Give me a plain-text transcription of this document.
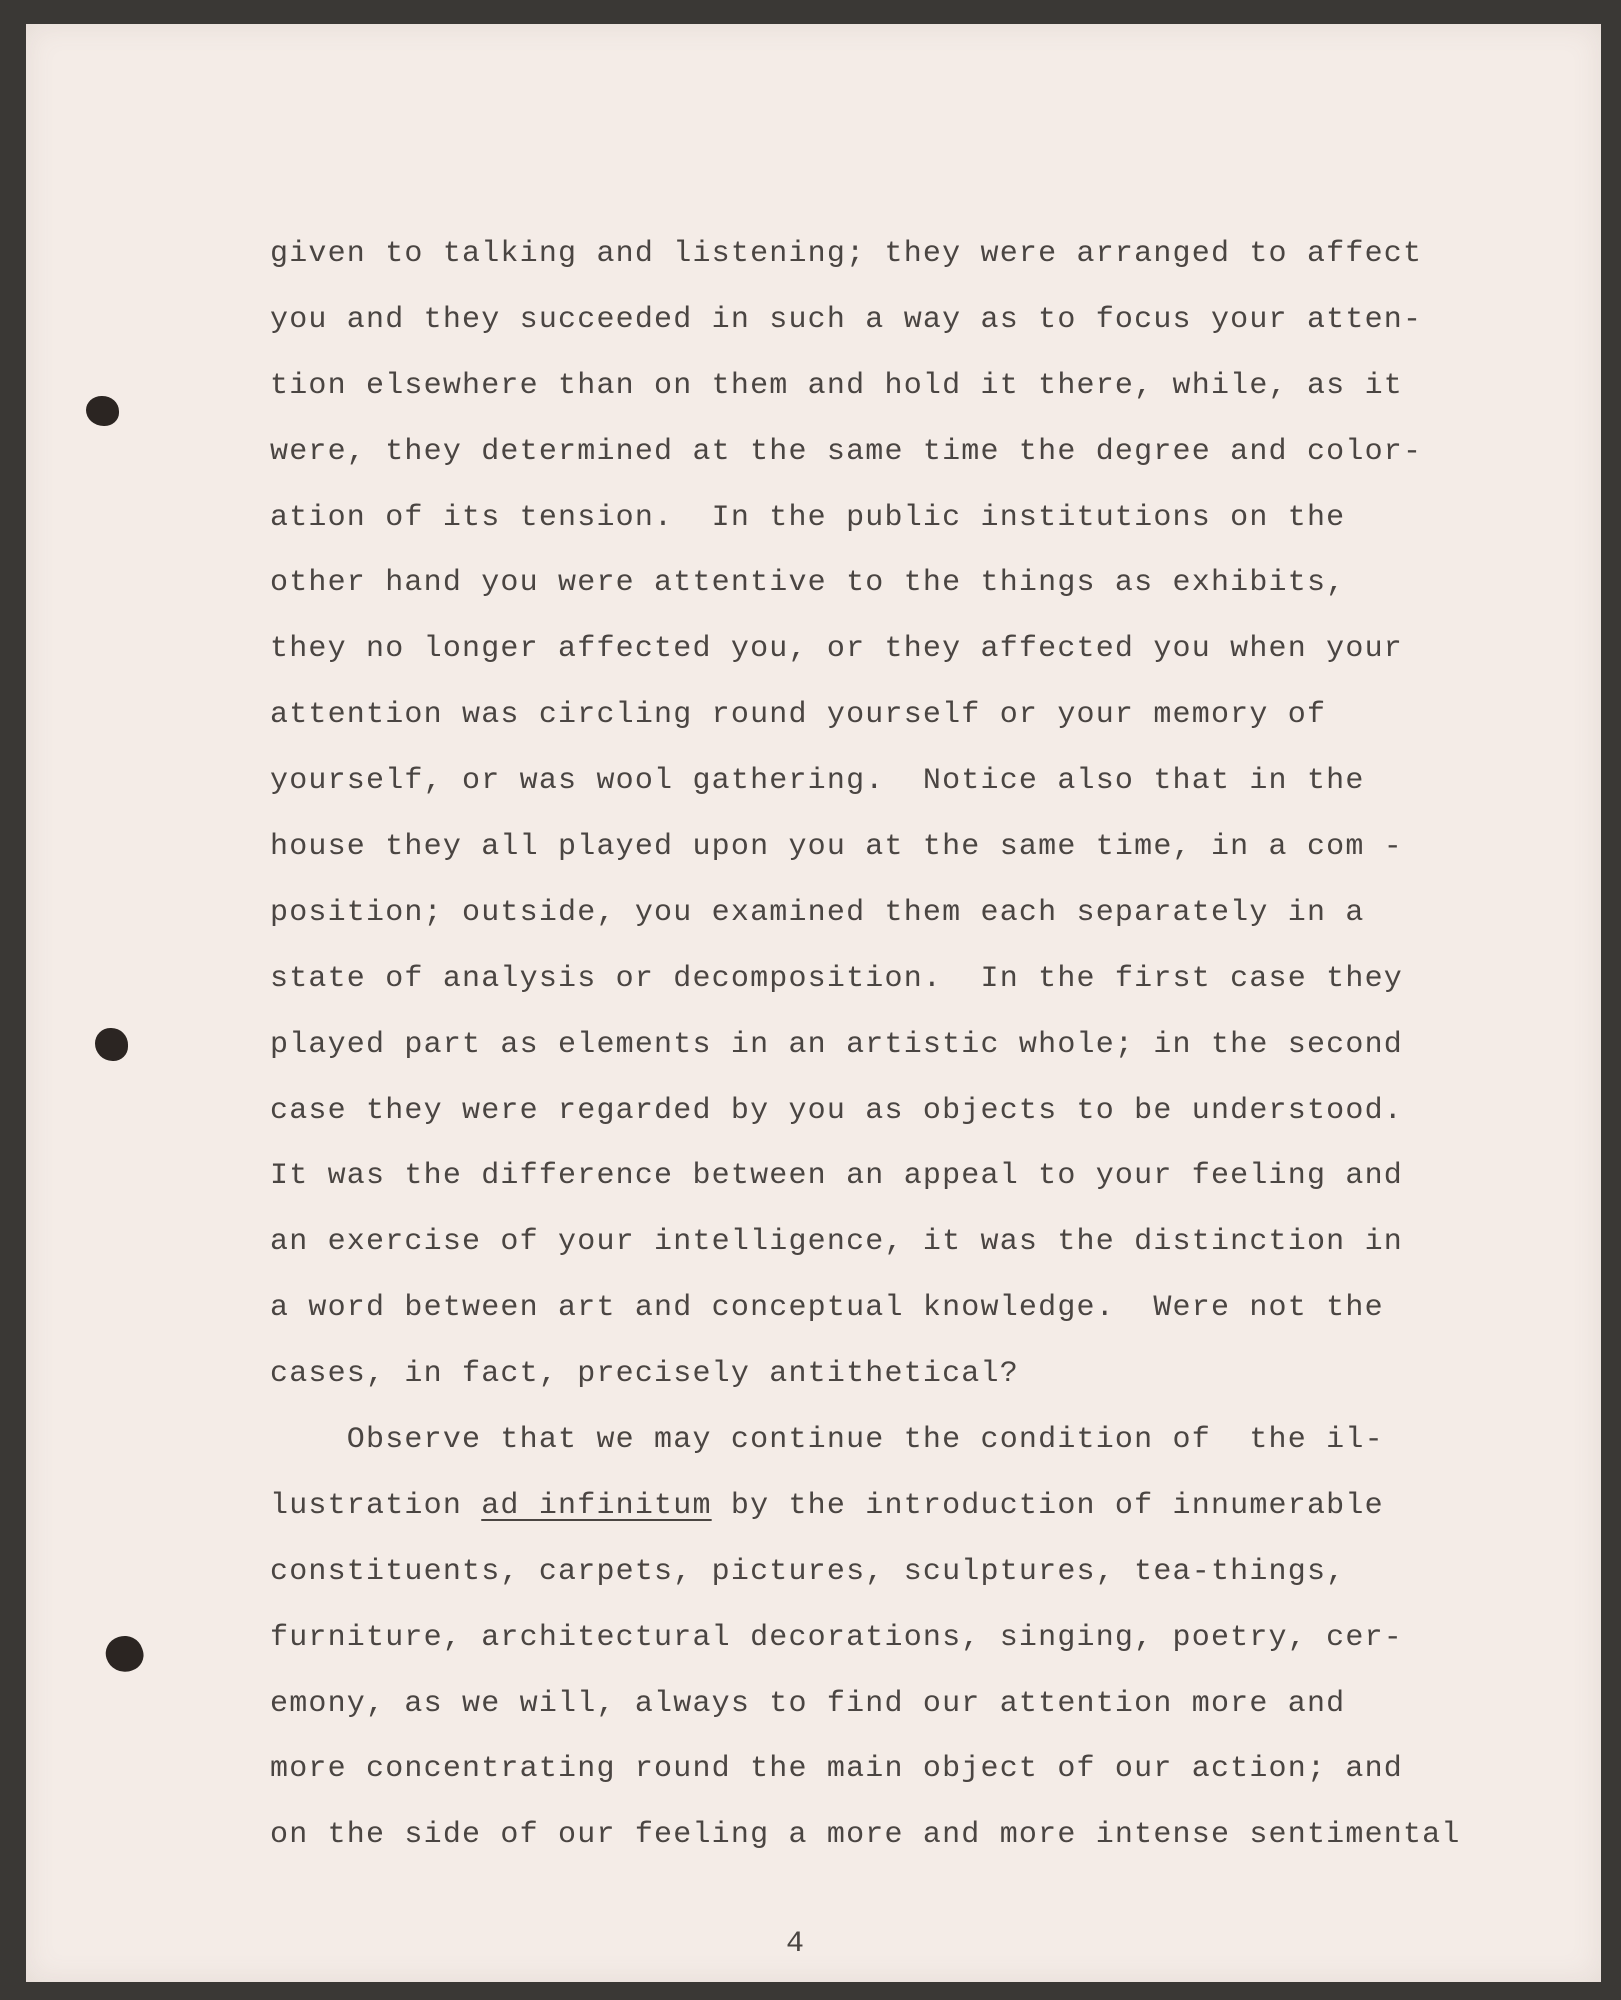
given to talking and listening; they were arranged to affect
you and they succeeded in such a way as to focus your atten-
tion elsewhere than on them and hold it there, while, as it
were, they determined at the same time the degree and color-
ation of its tension.  In the public institutions on the
other hand you were attentive to the things as exhibits,
they no longer affected you, or they affected you when your
attention was circling round yourself or your memory of
yourself, or was wool gathering.  Notice also that in the
house they all played upon you at the same time, in a com -
position; outside, you examined them each separately in a
state of analysis or decomposition.  In the first case they
played part as elements in an artistic whole; in the second
case they were regarded by you as objects to be understood.
It was the difference between an appeal to your feeling and
an exercise of your intelligence, it was the distinction in
a word between art and conceptual knowledge.  Were not the
cases, in fact, precisely antithetical?
Observe that we may continue the condition of  the il-
lustration ad infinitum by the introduction of innumerable
constituents, carpets, pictures, sculptures, tea-things,
furniture, architectural decorations, singing, poetry, cer-
emony, as we will, always to find our attention more and
more concentrating round the main object of our action; and
on the side of our feeling a more and more intense sentimental
4
